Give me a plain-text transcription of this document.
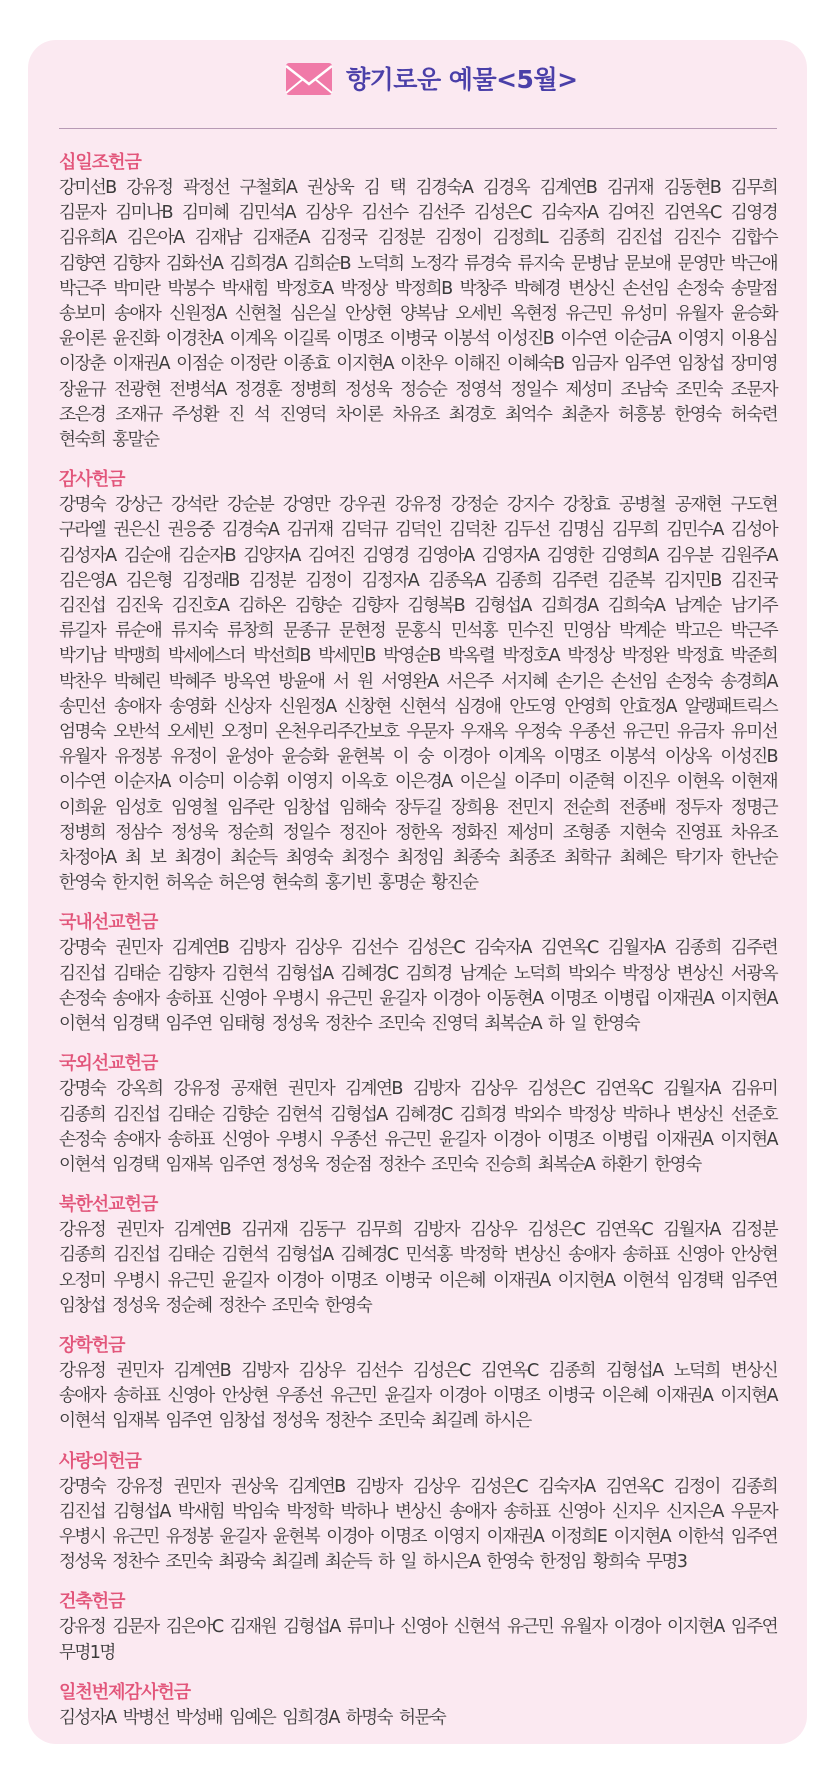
향기로운 예물<5월>

십일조헌금

강미선B 강유정 곽정선 구철회A 권상욱 김 택 김경숙A 김경옥 김계연B 김귀재 김동현B 김무희 김문자 김미나B 김미혜 김민석A 김상우 김선수 김선주 김성은C 김숙자A 김여진 김연옥C 김영경 김유희A 김은아A 김재남 김재준A 김정국 김정분 김정이 김정희L 김종희 김진섭 김진수 김합수 김향연 김향자 김화선A 김희경A 김희순B 노덕희 노정각 류경숙 류지숙 문병남 문보애 문영만 박근애 박근주 박미란 박봉수 박새힘 박정호A 박정상 박정희B 박창주 박혜경 변상신 손선임 손정숙 송말점 송보미 송애자 신원정A 신현철 심은실 안상현 양복남 오세빈 옥현정 유근민 유성미 유월자 윤승화 윤이론 윤진화 이경찬A 이계옥 이길록 이명조 이병국 이봉석 이성진B 이수연 이순금A 이영지 이용심 이장춘 이재권A 이점순 이정란 이종효 이지현A 이찬우 이해진 이혜숙B 임금자 임주연 임창섭 장미영 장윤규 전광현 전병석A 정경훈 정병희 정성욱 정승순 정영석 정일수 제성미 조남숙 조민숙 조문자 조은경 조재규 주성환 진 석 진영덕 차이론 차유조 최경호 최억수 최춘자 허흥봉 한영숙 허숙련 현숙희 홍말순

감사헌금

강명숙 강상근 강석란 강순분 강영만 강우권 강유정 강정순 강지수 강창효 공병철 공재현 구도현 구라엘 권은신 권응중 김경숙A 김귀재 김덕규 김덕인 김덕찬 김두선 김명심 김무희 김민수A 김성아 김성자A 김순애 김순자B 김양자A 김여진 김영경 김영아A 김영자A 김영한 김영희A 김우분 김원주A 김은영A 김은형 김정래B 김정분 김정이 김정자A 김종옥A 김종희 김주련 김준복 김지민B 김진국 김진섭 김진욱 김진호A 김하온 김향순 김향자 김형복B 김형섭A 김희경A 김희숙A 남계순 남기주 류길자 류순애 류지숙 류창희 문종규 문현정 문홍식 민석홍 민수진 민영삼 박계순 박고은 박근주 박기남 박맹희 박세에스더 박선희B 박세민B 박영순B 박옥렬 박정호A 박정상 박정완 박정효 박준희 박찬우 박혜린 박혜주 방옥연 방윤애 서 원 서영완A 서은주 서지혜 손기은 손선임 손정숙 송경희A 송민선 송애자 송영화 신상자 신원정A 신창현 신현석 심경애 안도영 안영희 안효정A 알랭패트릭스 엄명숙 오반석 오세빈 오정미 온천우리주간보호 우문자 우재옥 우정숙 우종선 유근민 유금자 유미선 유월자 유정봉 유정이 윤성아 윤승화 윤현복 이 숭 이경아 이계옥 이명조 이봉석 이상옥 이성진B 이수연 이순자A 이승미 이승휘 이영지 이옥호 이은경A 이은실 이주미 이준혁 이진우 이현옥 이현재 이희윤 임성호 임영철 임주란 임창섭 임해숙 장두길 장희용 전민지 전순희 전종배 정두자 정명근 정병희 정삼수 정성욱 정순희 정일수 정진아 정한옥 정화진 제성미 조형종 지현숙 진영표 차유조 차정아A 최 보 최경이 최순득 최영숙 최정수 최정임 최종숙 최종조 최학규 최혜은 탁기자 한난순 한영숙 한지헌 허옥순 허은영 현숙희 홍기빈 홍명순 황진순

국내선교헌금

강명숙 권민자 김계연B 김방자 김상우 김선수 김성은C 김숙자A 김연옥C 김월자A 김종희 김주련 김진섭 김태순 김향자 김현석 김형섭A 김혜경C 김희경 남계순 노덕희 박외수 박정상 변상신 서광옥 손정숙 송애자 송하표 신영아 우병시 유근민 윤길자 이경아 이동현A 이명조 이병립 이재권A 이지현A 이현석 임경택 임주연 임태형 정성욱 정찬수 조민숙 진영덕 최복순A 하 일 한영숙

국외선교헌금

강명숙 강옥희 강유정 공재현 권민자 김계연B 김방자 김상우 김성은C 김연옥C 김월자A 김유미 김종희 김진섭 김태순 김향순 김현석 김형섭A 김혜경C 김희경 박외수 박정상 박하나 변상신 선준호 손정숙 송애자 송하표 신영아 우병시 우종선 유근민 윤길자 이경아 이명조 이병립 이재권A 이지현A 이현석 임경택 임재복 임주연 정성욱 정순점 정찬수 조민숙 진승희 최복순A 하환기 한영숙

북한선교헌금

강유정 권민자 김계연B 김귀재 김동구 김무희 김방자 김상우 김성은C 김연옥C 김월자A 김정분 김종희 김진섭 김태순 김현석 김형섭A 김혜경C 민석홍 박정학 변상신 송애자 송하표 신영아 안상현 오정미 우병시 유근민 윤길자 이경아 이명조 이병국 이은혜 이재권A 이지현A 이현석 임경택 임주연 임창섭 정성욱 정순혜 정찬수 조민숙 한영숙

장학헌금

강유정 권민자 김계연B 김방자 김상우 김선수 김성은C 김연옥C 김종희 김형섭A 노덕희 변상신 송애자 송하표 신영아 안상현 우종선 유근민 윤길자 이경아 이명조 이병국 이은혜 이재권A 이지현A 이현석 임재복 임주연 임창섭 정성욱 정찬수 조민숙 최길례 하시은

사랑의헌금

강명숙 강유정 권민자 권상욱 김계연B 김방자 김상우 김성은C 김숙자A 김연옥C 김정이 김종희 김진섭 김형섭A 박새힘 박임숙 박정학 박하나 변상신 송애자 송하표 신영아 신지우 신지은A 우문자 우병시 유근민 유정봉 윤길자 윤현복 이경아 이명조 이영지 이재권A 이정희E 이지현A 이한석 임주연 정성욱 정찬수 조민숙 최광숙 최길례 최순득 하 일 하시은A 한영숙 한정임 황희숙 무명3

건축헌금

강유정 김문자 김은아C 김재원 김형섭A 류미나 신영아 신현석 유근민 유월자 이경아 이지현A 임주연 무명1명

일천번제감사헌금

김성자A 박병선 박성배 임예은 임희경A 하명숙 허문숙
